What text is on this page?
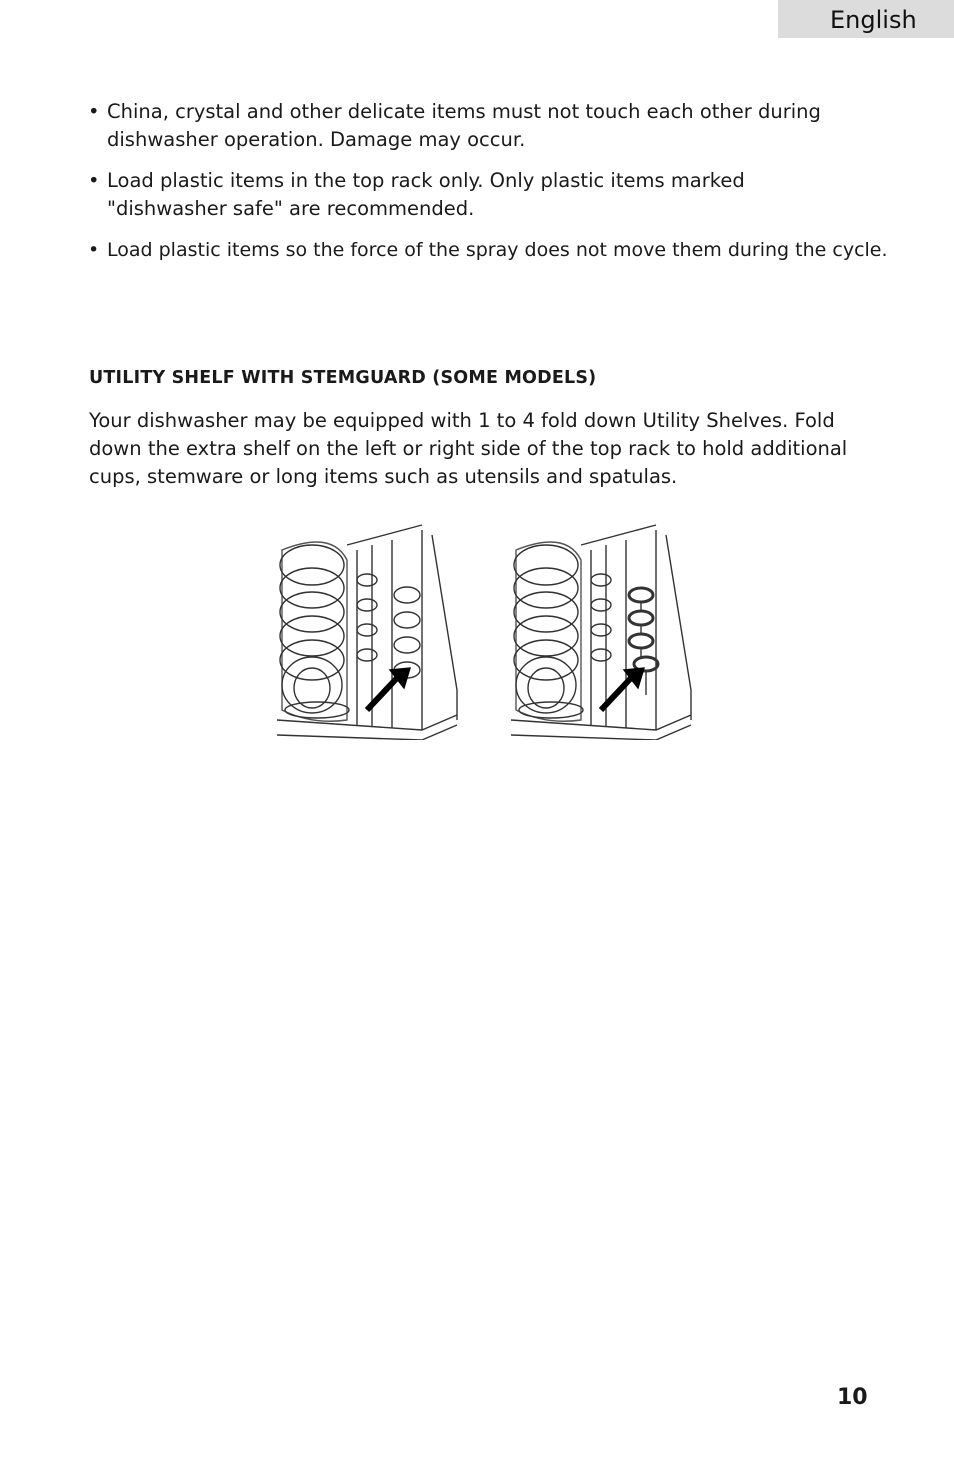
English
• China, crystal and other delicate items must not touch each other during dishwasher operation. Damage may occur.
• Load plastic items in the top rack only. Only plastic items marked "dishwasher safe" are recommended.
• Load plastic items so the force of the spray does not move them during the cycle.
UTILITY SHELF WITH STEMGUARD (SOME MODELS)
Your dishwasher may be equipped with 1 to 4 fold down Utility Shelves. Fold down the extra shelf on the left or right side of the top rack to hold additional cups, stemware or long items such as utensils and spatulas.
10
